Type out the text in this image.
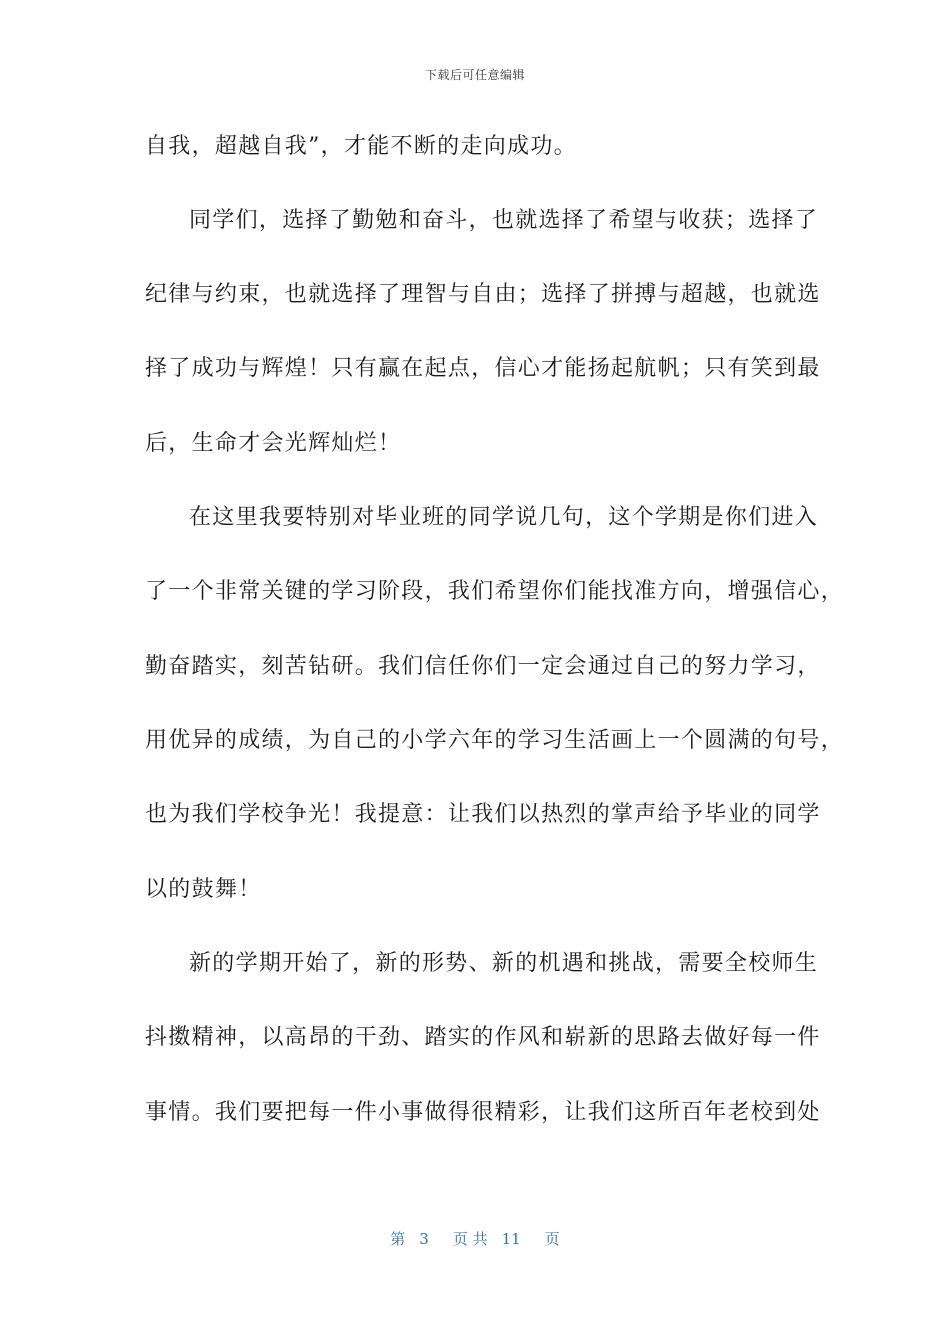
下载后可任意编辑
自我，超越自我”，才能不断的走向成功。
同学们，选择了勤勉和奋斗，也就选择了希望与收获；选择了
纪律与约束，也就选择了理智与自由；选择了拼搏与超越，也就选
择了成功与辉煌！只有赢在起点，信心才能扬起航帆；只有笑到最
后，生命才会光辉灿烂！
在这里我要特别对毕业班的同学说几句，这个学期是你们进入
了一个非常关键的学习阶段，我们希望你们能找准方向，增强信心，
勤奋踏实，刻苦钻研。我们信任你们一定会通过自己的努力学习，
用优异的成绩，为自己的小学六年的学习生活画上一个圆满的句号，
也为我们学校争光！我提意：让我们以热烈的掌声给予毕业的同学
以的鼓舞！
新的学期开始了，新的形势、新的机遇和挑战，需要全校师生
抖擞精神，以高昂的干劲、踏实的作风和崭新的思路去做好每一件
事情。我们要把每一件小事做得很精彩，让我们这所百年老校到处
第 3 页 共 11 页
